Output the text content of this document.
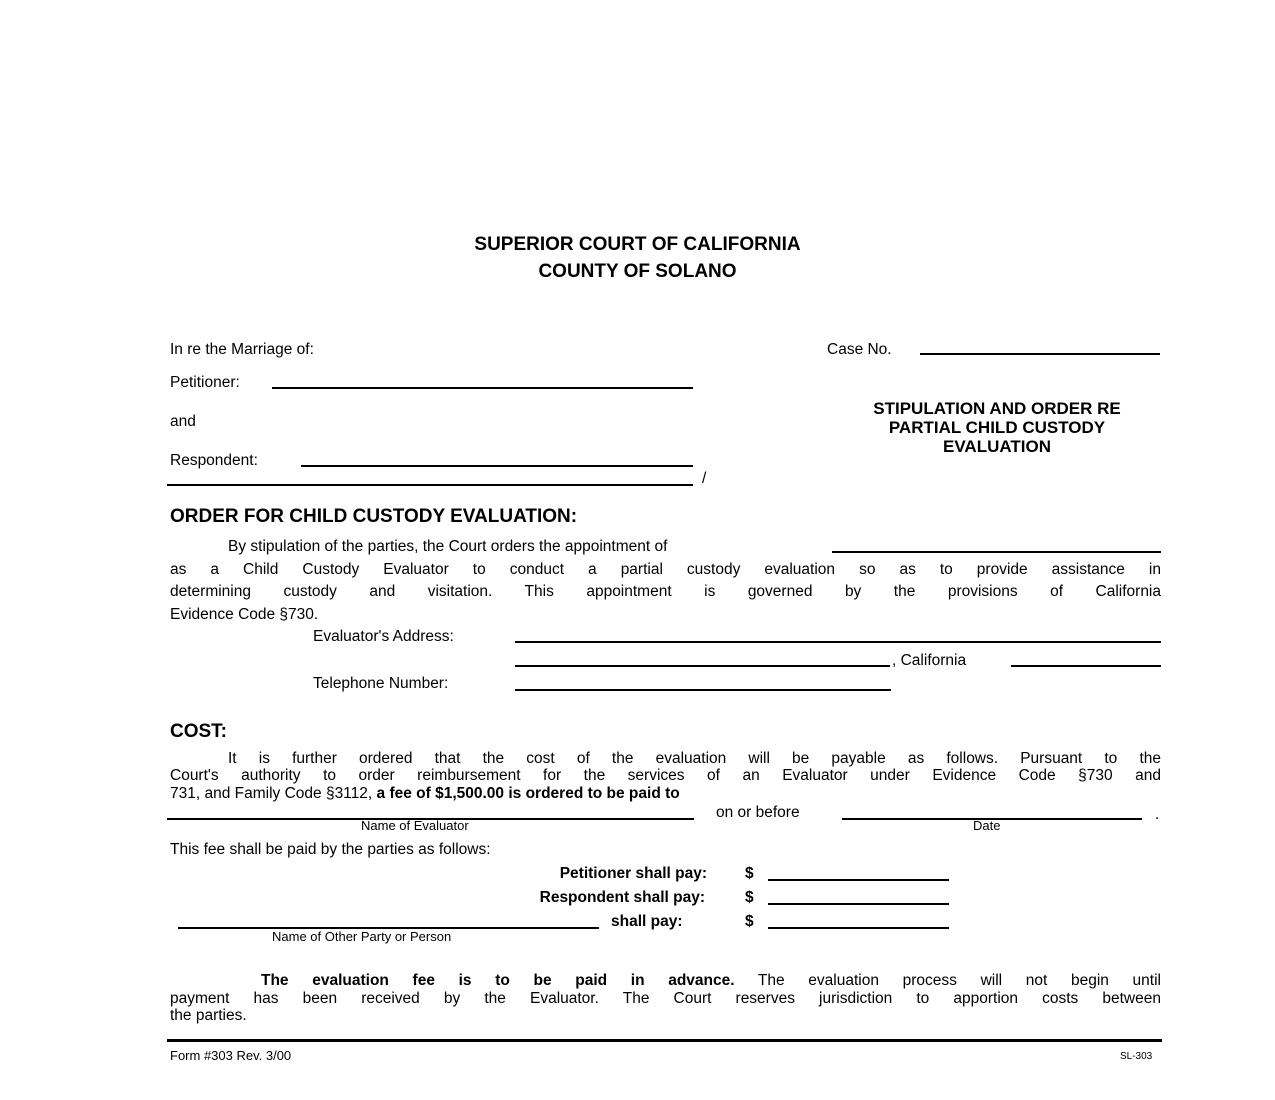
SUPERIOR COURT OF CALIFORNIA
COUNTY OF SOLANO
In re the Marriage of:
Petitioner:
and
Respondent:
/
Case No.
STIPULATION AND ORDER RE
PARTIAL CHILD CUSTODY
EVALUATION
ORDER FOR CHILD CUSTODY EVALUATION:
By stipulation of the parties, the Court orders the appointment of
as a Child Custody Evaluator to conduct a partial custody evaluation so as to provide assistance in
determining custody and visitation. This appointment is governed by the provisions of California
Evidence Code §730.
Evaluator's Address:
, California
Telephone Number:
COST:
It is further ordered that the cost of the evaluation will be payable as follows. Pursuant to the
Court's authority to order reimbursement for the services of an Evaluator under Evidence Code §730 and
731, and Family Code §3112, a fee of $1,500.00 is ordered to be paid to
on or before	.
Name of Evaluator	Date
This fee shall be paid by the parties as follows:
Petitioner shall pay: $
Respondent shall pay:	$
shall pay:	$
Name of Other Party or Person
The evaluation fee is to be paid in advance. The evaluation process will not begin until
payment has been received by the Evaluator. The Court reserves jurisdiction to apportion costs between
the parties.
Form #303 Rev. 3/00	SL-303
